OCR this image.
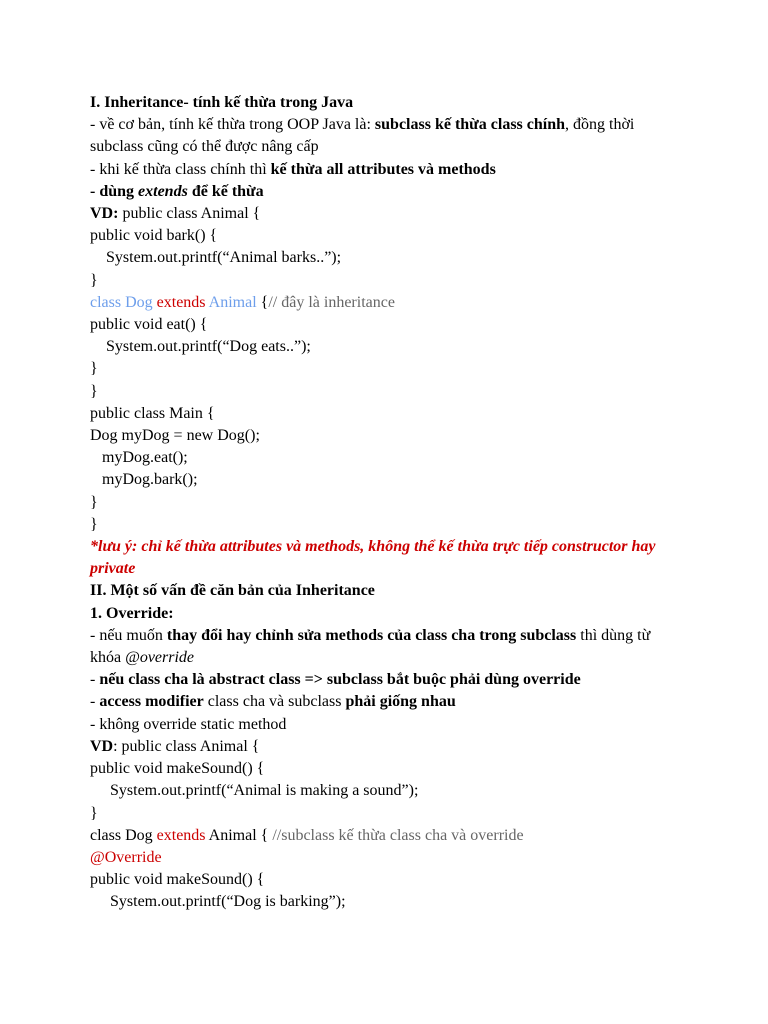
I. Inheritance- tính kế thừa trong Java
- về cơ bản, tính kế thừa trong OOP Java là: subclass kế thừa class chính, đồng thời
subclass cũng có thể được nâng cấp
- khi kế thừa class chính thì kế thừa all attributes và methods
- dùng extends để kế thừa
VD: public class Animal {
public void bark() {
System.out.printf(“Animal barks..”);
}
class Dog extends Animal {// đây là inheritance
public void eat() {
System.out.printf(“Dog eats..”);
}
}
public class Main {
Dog myDog = new Dog();
myDog.eat();
myDog.bark();
}
}
*lưu ý: chỉ kế thừa attributes và methods, không thể kế thừa trực tiếp constructor hay
private
II. Một số vấn đề căn bản của Inheritance
1. Override:
- nếu muốn thay đổi hay chỉnh sửa methods của class cha trong subclass thì dùng từ
khóa @override
- nếu class cha là abstract class => subclass bắt buộc phải dùng override
- access modifier class cha và subclass phải giống nhau
- không override static method
VD: public class Animal {
public void makeSound() {
System.out.printf(“Animal is making a sound”);
}
class Dog extends Animal { //subclass kế thừa class cha và override
@Override
public void makeSound() {
System.out.printf(“Dog is barking”);
